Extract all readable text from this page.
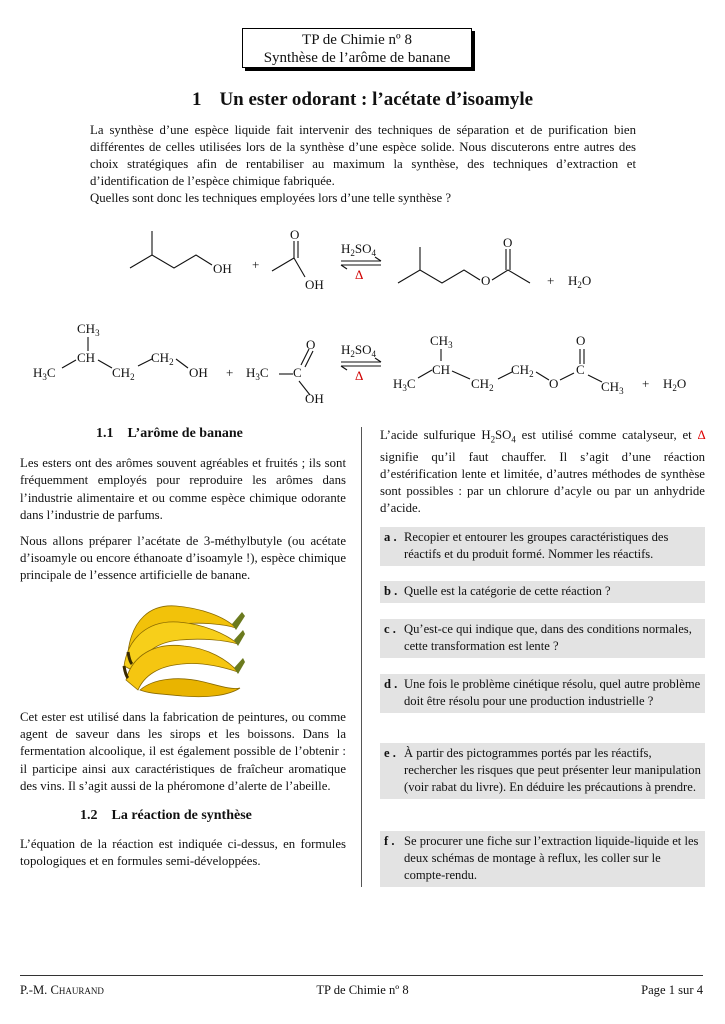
TP de Chimie nº 8
Synthèse de l’arôme de banane
1 Un ester odorant : l’acétate d’isoamyle

La synthèse d’une espèce liquide fait intervenir des techniques de séparation et de purification bien différentes de celles utilisées lors de la synthèse d’une espèce solide. Nous discuterons entre autres des choix stratégiques afin de rentabiliser au maximum la synthèse, des techniques d’extraction et d’identification de l’espèce chimique fabriquée.

Quelles sont donc les techniques employées lors d’une telle synthèse ?

OH +
O
OH
$H_2SO_4$
Δ	O
O
+ $H_2O$
$CH_3$
CH
$H_3C$	$CH_2$
$CH_2$
OH + $H_3C$ C
O
OH
$H_2SO_4$
Δ
$CH_3$
CH
$H_3C$	$CH_2$
$CH_2$
O
C
O
$CH_3 + H_2O$
1.1 L’arôme de banane

Les esters ont des arômes souvent agréables et fruités ; ils sont fréquemment employés pour reproduire les arômes dans l’industrie alimentaire et ou comme espèce chimique odorante dans l’industrie de parfums.

Nous allons préparer l’acétate de 3-méthylbutyle (ou acétate d’isoamyle ou encore éthanoate d’isoamyle !), espèce chimique principale de l’essence artificielle de banane.

Cet ester est utilisé dans la fabrication de peintures, ou comme agent de saveur dans les sirops et les boissons. Dans la fermentation alcoolique, il est également possible de l’obtenir : il participe ainsi aux caractéristiques de fraîcheur aromatique des vins. Il s’agit aussi de la phéromone d’alerte de l’abeille.

1.2 La réaction de synthèse

L’équation de la réaction est indiquée ci-dessus, en formules topologiques et en formules semi-développées.

L’acide sulfurique $H_2SO_4$ est utilisé comme catalyseur, et Δ signifie qu’il faut chauffer. Il s’agit d’une réaction d’estérification lente et limitée, d’autres méthodes de synthèse sont possibles : par un chlorure d’acyle ou par un anhydride d’acide.

a . Recopier et entourer les groupes caractéristiques des réactifs et du produit formé. Nommer les réactifs.
b . Quelle est la catégorie de cette réaction ?
c . Qu’est-ce qui indique que, dans des conditions normales, cette transformation est lente ?
d . Une fois le problème cinétique résolu, quel autre problème doit être résolu pour une production industrielle ?
e . À partir des pictogrammes portés par les réactifs, rechercher les risques que peut présenter leur manipulation (voir rabat du livre). En déduire les précautions à prendre.
f . Se procurer une fiche sur l’extraction liquide-liquide et les deux schémas de montage à reflux, les coller sur le compte-rendu.
P.-M. Chaurand	TP de Chimie nº 8	Page 1 sur 4
